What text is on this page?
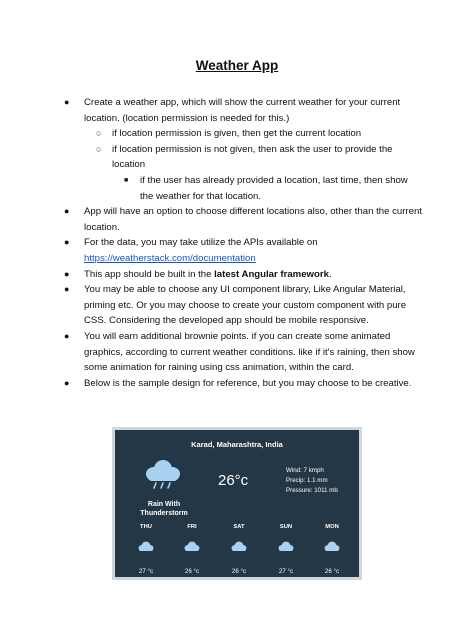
Weather App
● Create a weather app, which will show the current weather for your current location. (location permission is needed for this.)
○ if location permission is given, then get the current location
○ if location permission is not given, then ask the user to provide the location
■ if the user has already provided a location, last time, then show the weather for that location.
● App will have an option to choose different locations also, other than the current location.
● For the data, you may take utilize the APIs available on
https://weatherstack.com/documentation
● This app should be built in the latest Angular framework.
● You may be able to choose any UI component library, Like Angular Material, priming etc. Or you may choose to create your custom component with pure CSS. Considering the developed app should be mobile responsive.
● You will earn additional brownie points. if you can create some animated graphics, according to current weather conditions. like if it's raining, then show some animation for raining using css animation, within the card.
● Below is the sample design for reference, but you may choose to be creative.
Karad, Maharashtra, India
Rain With
Thunderstorm
26°c
Wind: 7 kmph
Precip: 1.1 mm
Pressure: 1011 mb
THU
27 °c
FRI
26 °c
SAT
26 °c
SUN
27 °c
MON
26 °c
